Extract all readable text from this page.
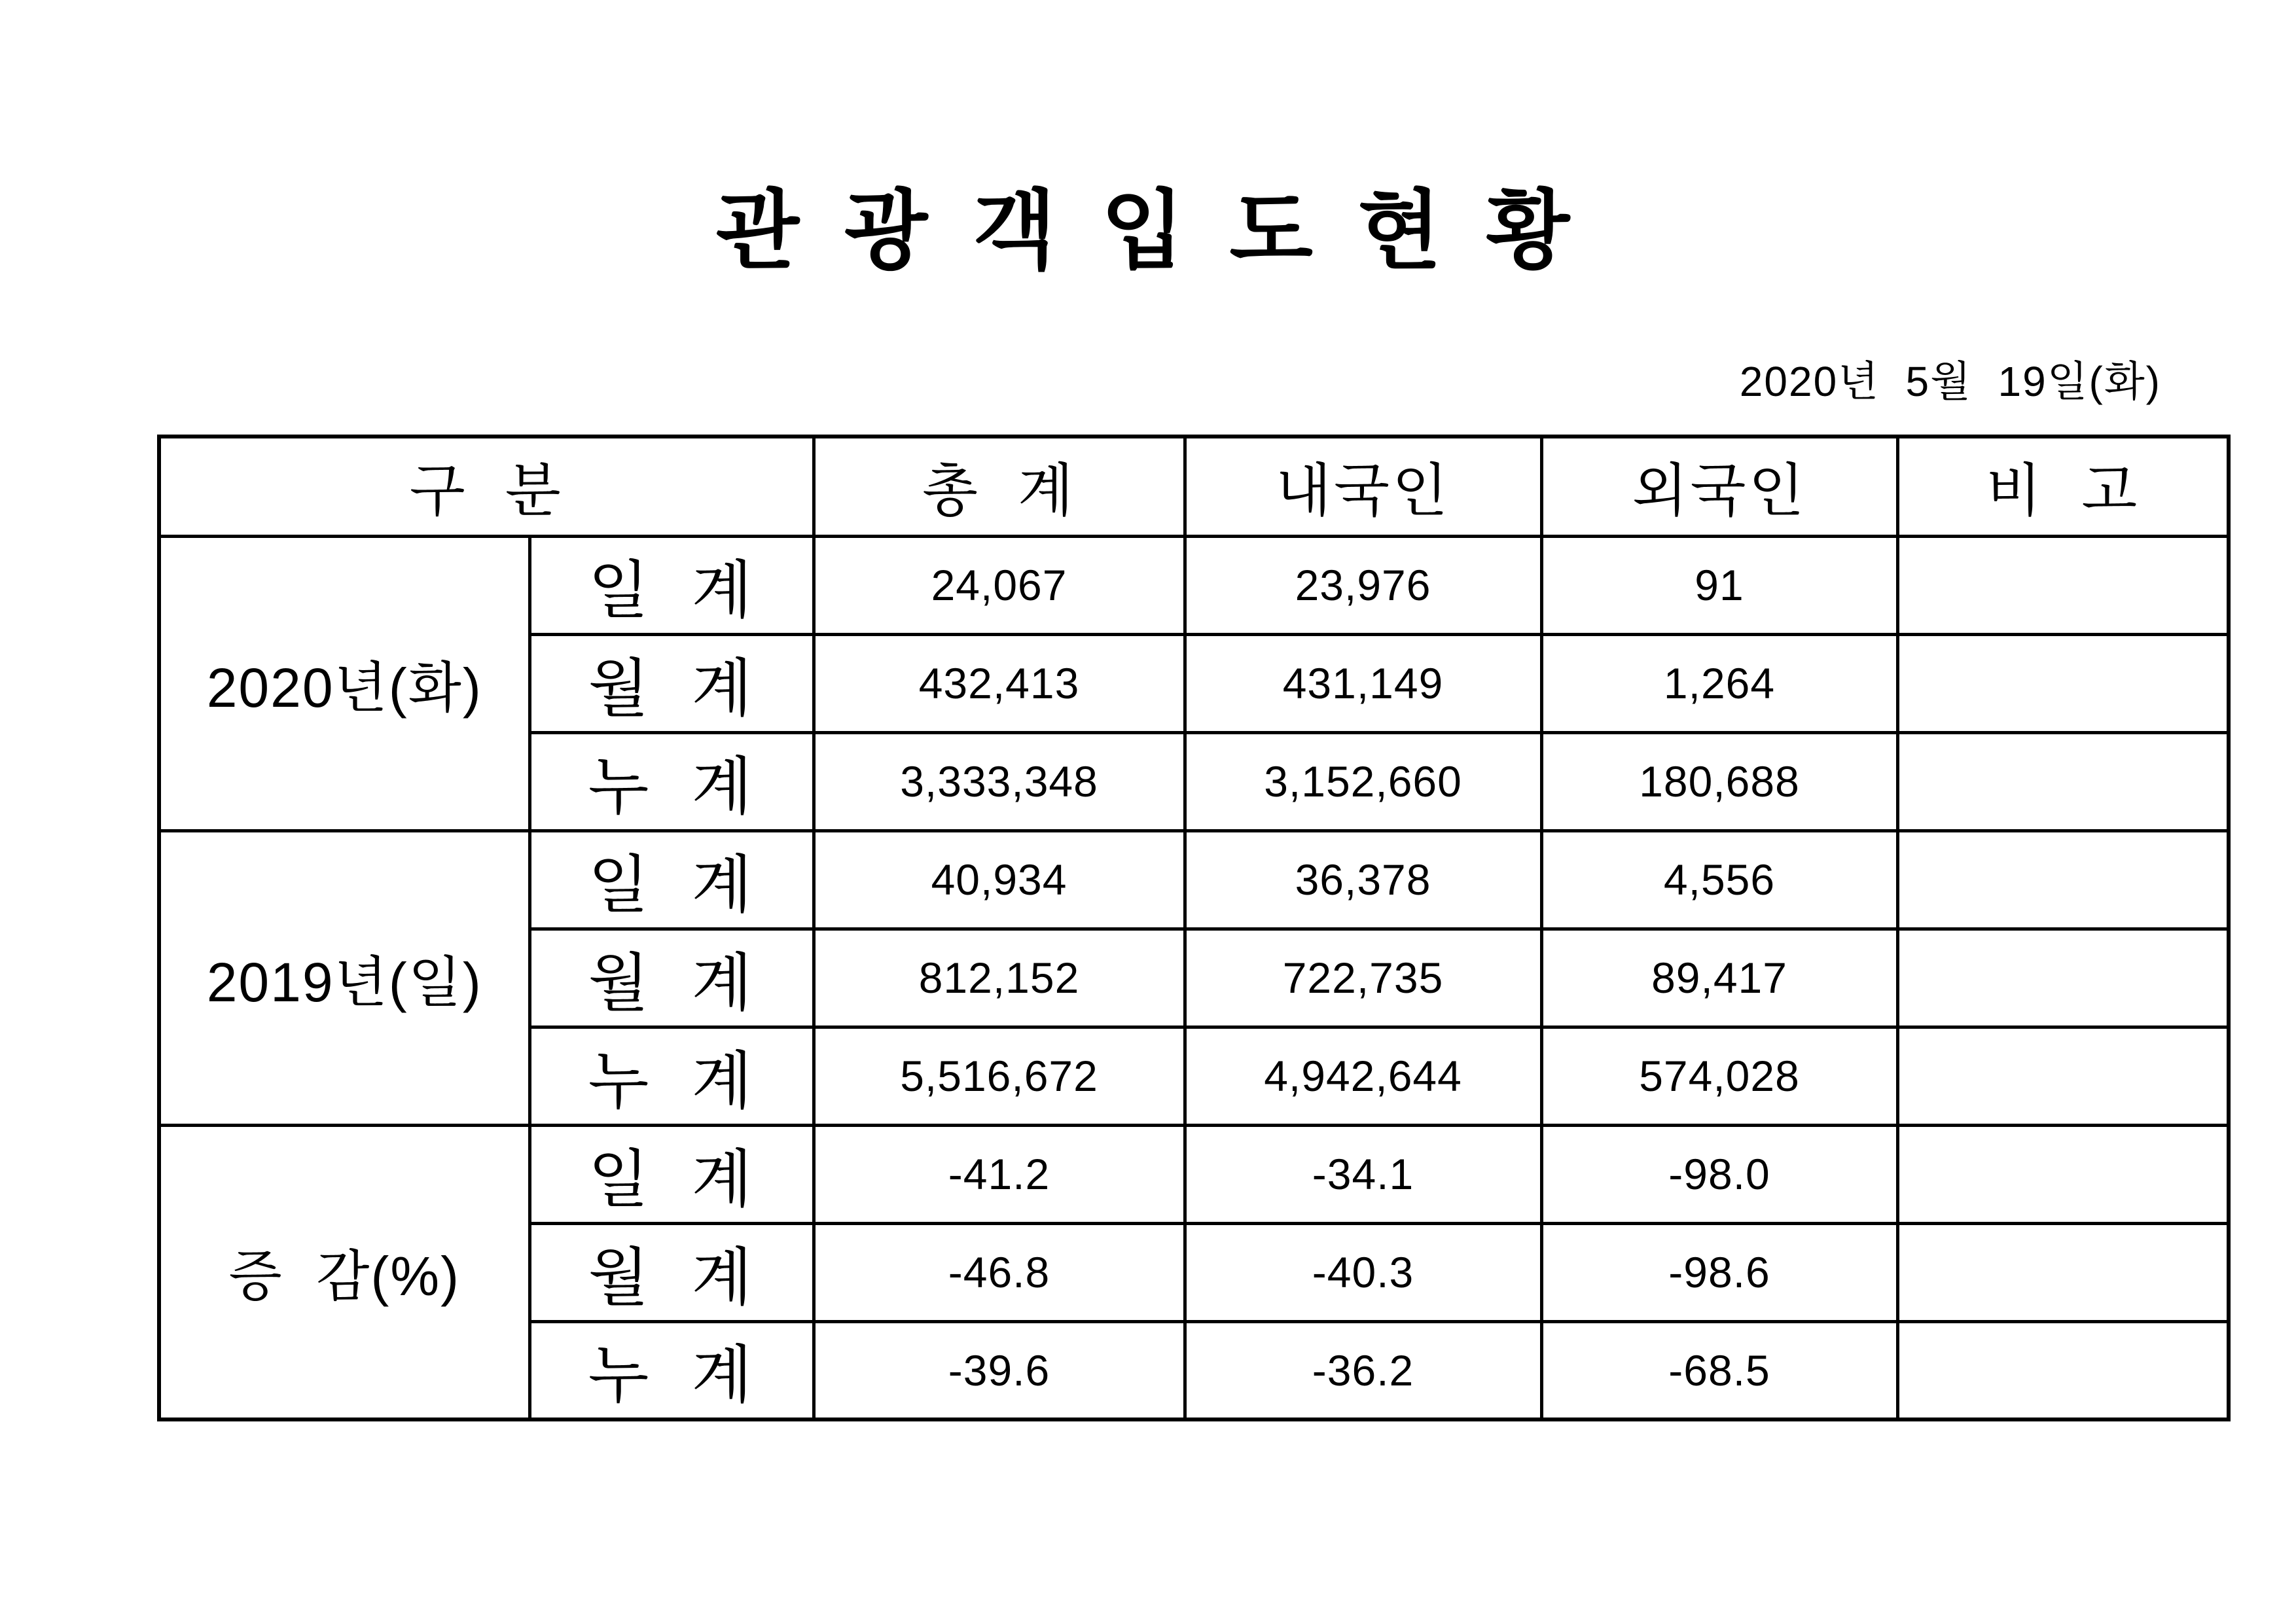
관 광 객 입 도 현 황
2020년  5월  19일(화)
구  분		총  계	내국인	외국인	비  고
2020년(화)	일  계	24,067	23,976	91	
	월  계	432,413	431,149	1,264	
	누  계	3,333,348	3,152,660	180,688	
2019년(일)	일  계	40,934	36,378	4,556	
	월  계	812,152	722,735	89,417	
	누  계	5,516,672	4,942,644	574,028	
증  감(%)	일  계	-41.2	-34.1	-98.0	
	월  계	-46.8	-40.3	-98.6	
	누  계	-39.6	-36.2	-68.5	
